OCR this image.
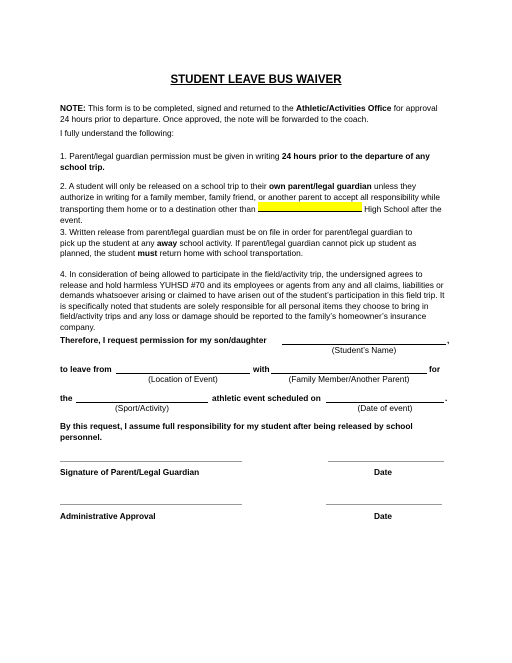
STUDENT LEAVE BUS WAIVER
NOTE: This form is to be completed, signed and returned to the Athletic/Activities Office for approval
24 hours prior to departure. Once approved, the note will be forwarded to the coach.
I fully understand the following:
1. Parent/legal guardian permission must be given in writing 24 hours prior to the departure of any
school trip.
2. A student will only be released on a school trip to their own parent/legal guardian unless they
authorize in writing for a family member, family friend, or another parent to accept all responsibility while
transporting them home or to a destination other than	High School after the
event.
3. Written release from parent/legal guardian must be on file in order for parent/legal guardian to
pick up the student at any away school activity. If parent/legal guardian cannot pick up student as
planned, the student must return home with school transportation.
4. In consideration of being allowed to participate in the field/activity trip, the undersigned agrees to
release and hold harmless YUHSD #70 and its employees or agents from any and all claims, liabilities or
demands whatsoever arising or claimed to have arisen out of the student’s participation in this field trip. It
is specifically noted that students are solely responsible for all personal items they choose to bring in
field/activity trips and any loss or damage should be reported to the family’s homeowner’s insurance
company.
Therefore, I request permission for my son/daughter	,
(Student’s Name)
to leave from	with	for
(Location of Event)	(Family Member/Another Parent)
the	athletic event scheduled on	.
(Sport/Activity)	(Date of event)
By this request, I assume full responsibility for my student after being released by school
personnel.
Signature of Parent/Legal Guardian	Date
Administrative Approval	Date
